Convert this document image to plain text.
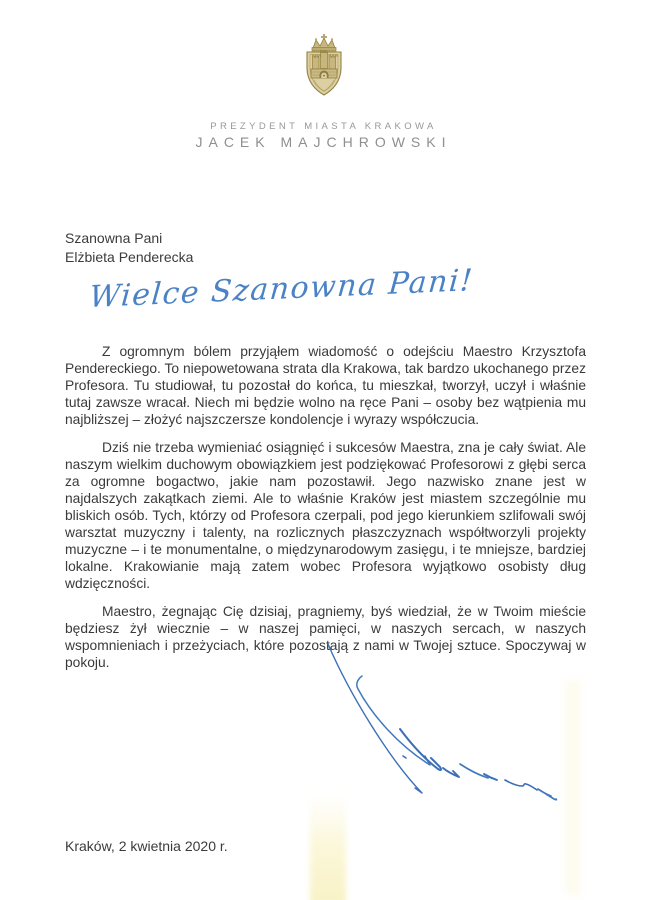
PREZYDENT MIASTA KRAKOWA
JACEK MAJCHROWSKI
Szanowna Pani
Elżbieta Penderecka
Wielce Szanowna Pani!

Z ogromnym bólem przyjąłem wiadomość o odejściu Maestro Krzysztofa Pendereckiego. To niepowetowana strata dla Krakowa, tak bardzo ukochanego przez Profesora. Tu studiował, tu pozostał do końca, tu mieszkał, tworzył, uczył i właśnie tutaj zawsze wracał. Niech mi będzie wolno na ręce Pani – osoby bez wątpienia mu najbliższej – złożyć najszczersze kondolencje i wyrazy współczucia.

Dziś nie trzeba wymieniać osiągnięć i sukcesów Maestra, zna je cały świat. Ale naszym wielkim duchowym obowiązkiem jest podziękować Profesorowi z głębi serca za ogromne bogactwo, jakie nam pozostawił. Jego nazwisko znane jest w najdalszych zakątkach ziemi. Ale to właśnie Kraków jest miastem szczególnie mu bliskich osób. Tych, którzy od Profesora czerpali, pod jego kierunkiem szlifowali swój warsztat muzyczny i talenty, na rozlicznych płaszczyznach współtworzyli projekty muzyczne – i te monumentalne, o międzynarodowym zasięgu, i te mniejsze, bardziej lokalne. Krakowianie mają zatem wobec Profesora wyjątkowo osobisty dług wdzięczności.

Maestro, żegnając Cię dzisiaj, pragniemy, byś wiedział, że w Twoim mieście będziesz żył wiecznie – w naszej pamięci, w naszych sercach, w naszych wspomnieniach i przeżyciach, które pozostają z nami w Twojej sztuce. Spoczywaj w pokoju.

Kraków, 2 kwietnia 2020 r.
